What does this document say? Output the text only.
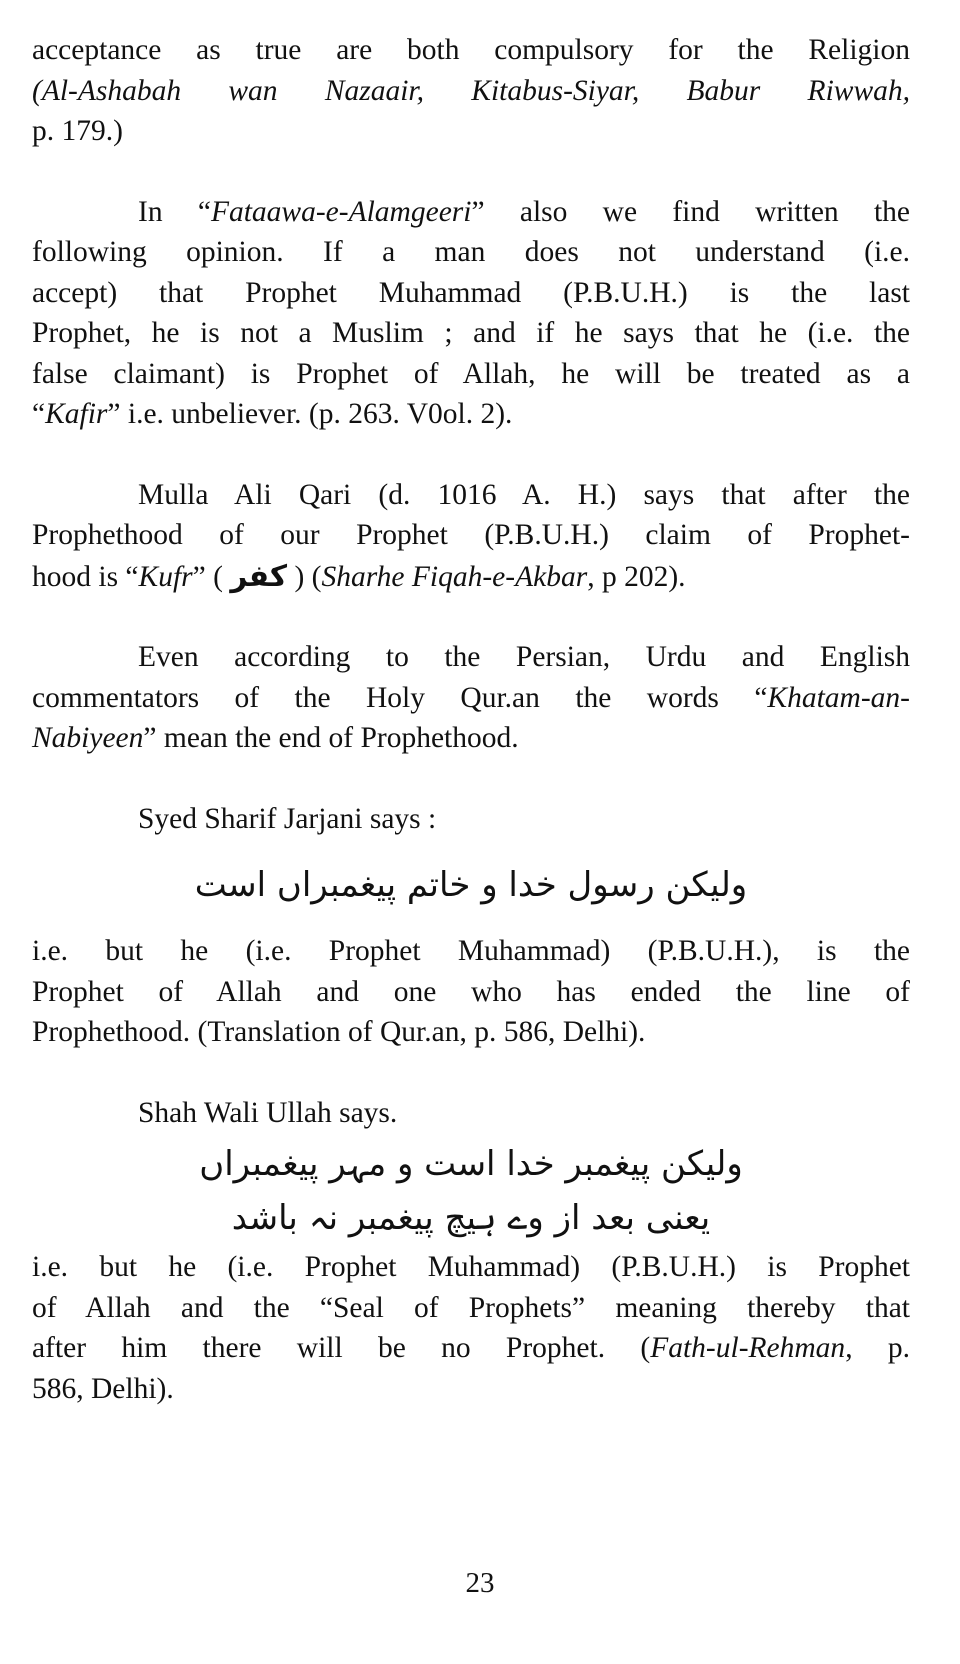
acceptance as true are both compulsory for the Religion
(Al-Ashabah wan Nazaair, Kitabus-Siyar, Babur Riwwah,
p. 179.)

In “Fataawa-e-Alamgeeri” also we find written the
following opinion. If a man does not understand (i.e.
accept) that Prophet Muhammad (P.B.U.H.) is the last
Prophet, he is not a Muslim ; and if he says that he (i.e. the
false claimant) is Prophet of Allah, he will be treated as a
“Kafir” i.e. unbeliever. (p. 263. V0ol. 2).

Mulla Ali Qari (d. 1016 A. H.) says that after the
Prophethood of our Prophet (P.B.U.H.) claim of Prophet-
hood is “Kufr” ( کفر ) (Sharhe Fiqah-e-Akbar, p 202).

Even according to the Persian, Urdu and English
commentators of the Holy Qur.an the words “Khatam-an-
Nabiyeen” mean the end of Prophethood.

Syed Sharif Jarjani says :

ولیکن رسول خدا و خاتم پیغمبراں است

i.e. but he (i.e. Prophet Muhammad) (P.B.U.H.), is the
Prophet of Allah and one who has ended the line of
Prophethood. (Translation of Qur.an, p. 586, Delhi).

Shah Wali Ullah says.

ولیکن پیغمبر خدا است و مہر پیغمبراں

یعنی بعد از وے ہیچ پیغمبر نہ باشد

i.e. but he (i.e. Prophet Muhammad) (P.B.U.H.) is Prophet
of Allah and the “Seal of Prophets” meaning thereby that
after him there will be no Prophet. (Fath-ul-Rehman, p.
586, Delhi).

23
